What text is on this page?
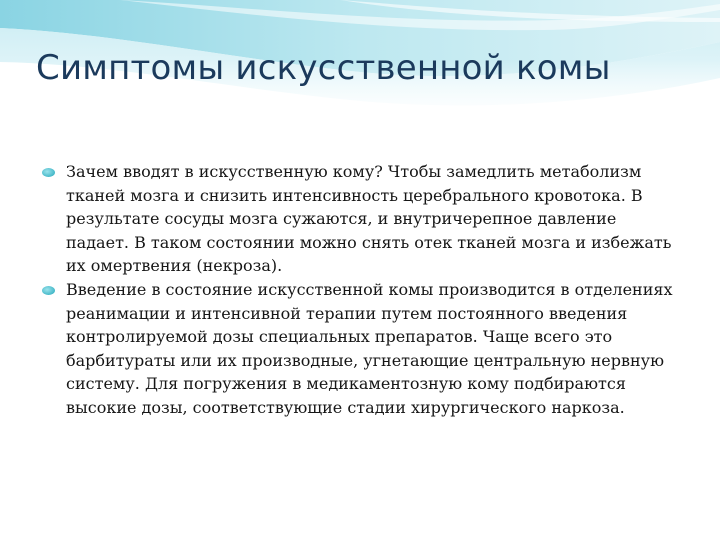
Симптомы искусственной комы
Зачем вводят в искусственную кому? Чтобы замедлить метаболизм тканей мозга и снизить интенсивность церебрального кровотока. В результате сосуды мозга сужаются, и внутричерепное давление падает. В таком состоянии можно снять отек тканей мозга и избежать их омертвения (некроза).
Введение в состояние искусственной комы производится в отделениях реанимации и интенсивной терапии путем постоянного введения контролируемой дозы специальных препаратов. Чаще всего это барбитураты или их производные, угнетающие центральную нервную систему. Для погружения в медикаментозную кому подбираются высокие дозы, соответствующие стадии хирургического наркоза.
